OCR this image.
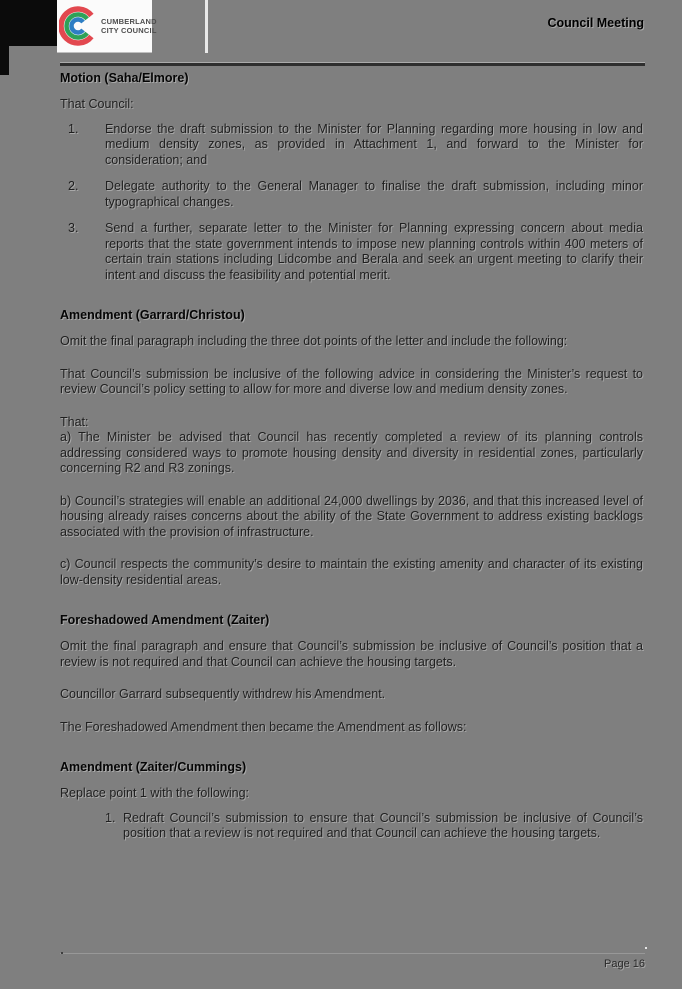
CUMBERLAND
CITY COUNCIL
Council Meeting
Motion (Saha/Elmore)

That Council:

1.	Endorse the draft submission to the Minister for Planning regarding more housing in low and medium density zones, as provided in Attachment 1, and forward to the Minister for consideration; and
2.	Delegate authority to the General Manager to finalise the draft submission, including minor typographical changes.
3.	Send a further, separate letter to the Minister for Planning expressing concern about media reports that the state government intends to impose new planning controls within 400 meters of certain train stations including Lidcombe and Berala and seek an urgent meeting to clarify their intent and discuss the feasibility and potential merit.
Amendment (Garrard/Christou)

Omit the final paragraph including the three dot points of the letter and include the following:

That Council’s submission be inclusive of the following advice in considering the Minister’s request to review Council’s policy setting to allow for more and diverse low and medium density zones.

That:

a) The Minister be advised that Council has recently completed a review of its planning controls addressing considered ways to promote housing density and diversity in residential zones, particularly concerning R2 and R3 zonings.

b) Council’s strategies will enable an additional 24,000 dwellings by 2036, and that this increased level of housing already raises concerns about the ability of the State Government to address existing backlogs associated with the provision of infrastructure.

c) Council respects the community’s desire to maintain the existing amenity and character of its existing low-density residential areas.

Foreshadowed Amendment (Zaiter)

Omit the final paragraph and ensure that Council’s submission be inclusive of Council’s position that a review is not required and that Council can achieve the housing targets.

Councillor Garrard subsequently withdrew his Amendment.

The Foreshadowed Amendment then became the Amendment as follows:

Amendment (Zaiter/Cummings)

Replace point 1 with the following:

1. Redraft Council’s submission to ensure that Council’s submission be inclusive of Council’s position that a review is not required and that Council can achieve the housing targets.
Page 16
